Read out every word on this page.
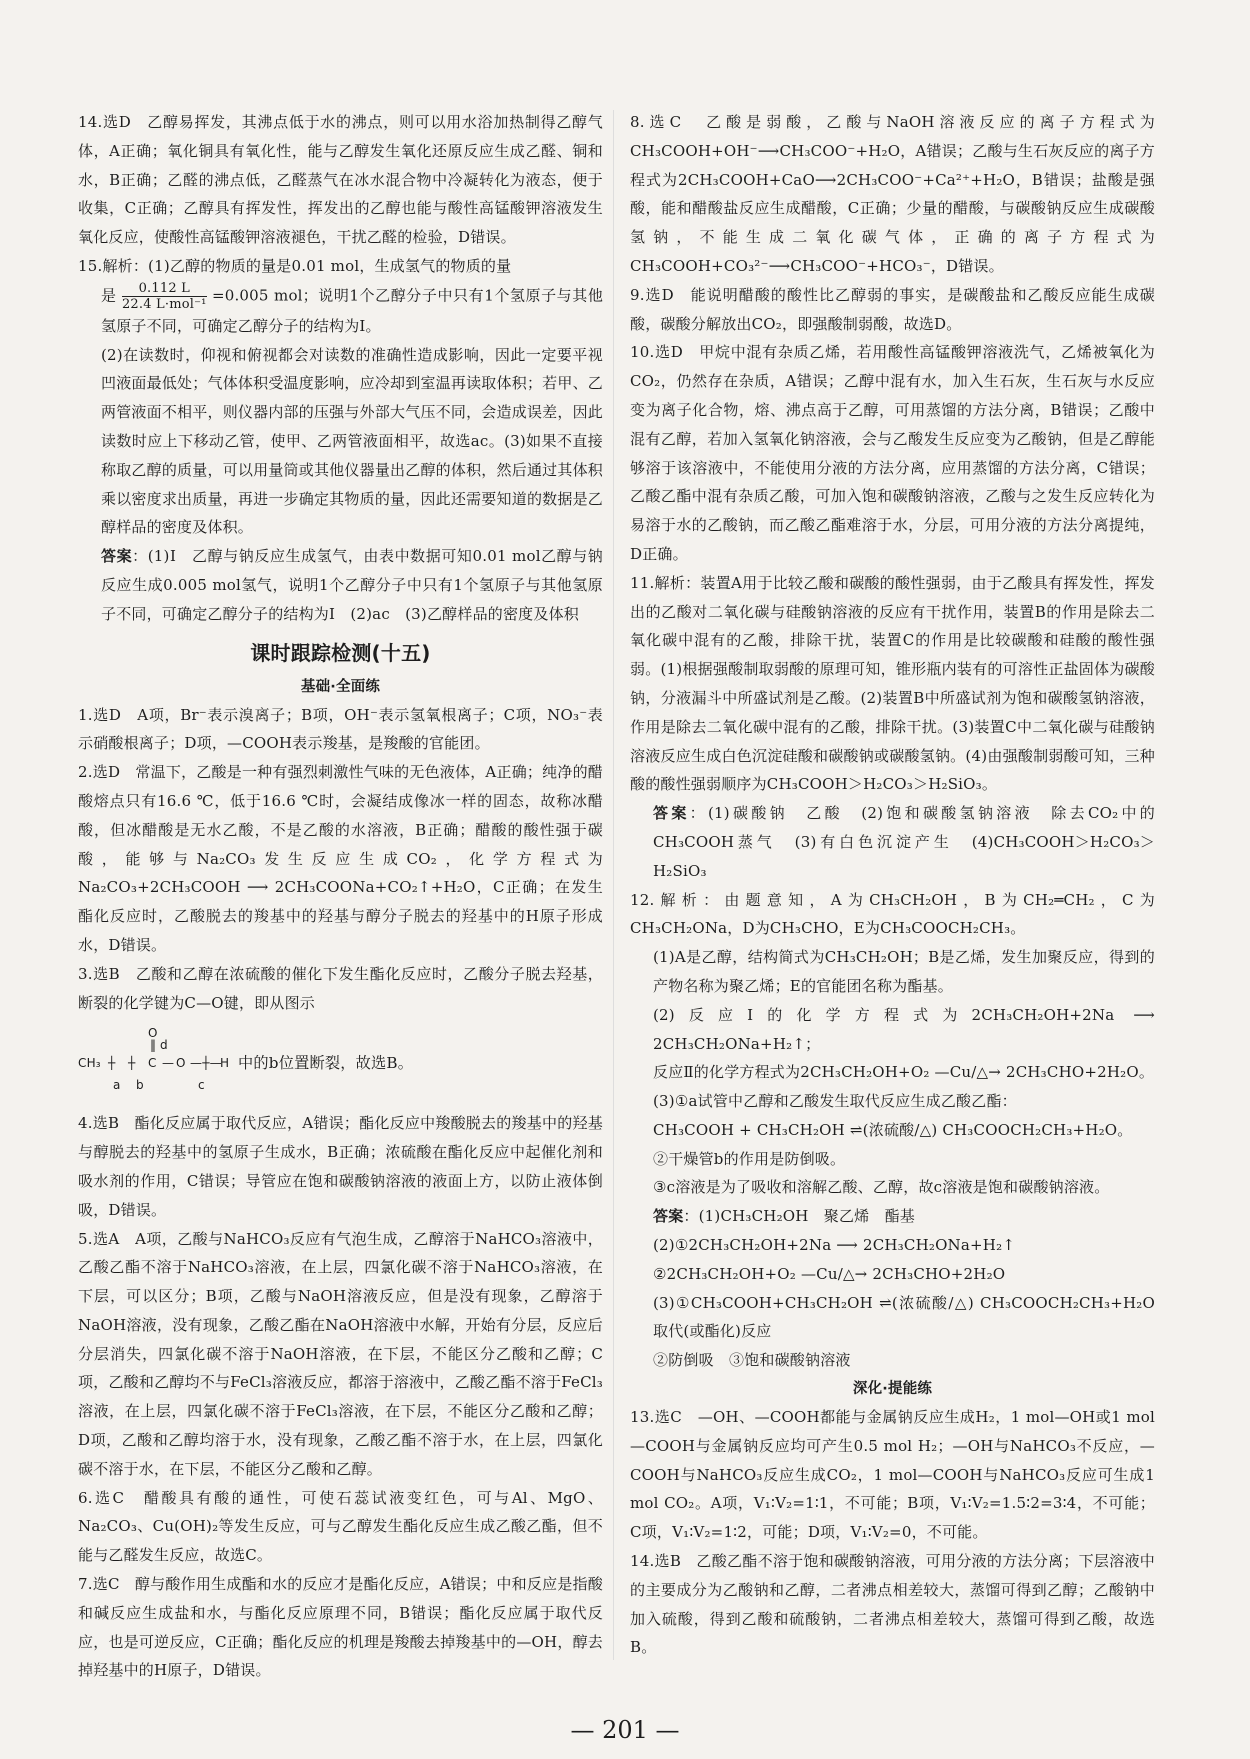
14.选D　乙醇易挥发，其沸点低于水的沸点，则可以用水浴加热制得乙醇气体，A正确；氧化铜具有氧化性，能与乙醇发生氧化还原反应生成乙醛、铜和水，B正确；乙醛的沸点低，乙醛蒸气在冰水混合物中冷凝转化为液态，便于收集，C正确；乙醇具有挥发性，挥发出的乙醇也能与酸性高锰酸钾溶液发生氧化反应，使酸性高锰酸钾溶液褪色，干扰乙醛的检验，D错误。

15.解析：(1)乙醇的物质的量是0.01 mol，生成氢气的物质的量

是	0.112 L
22.4 L·mol⁻¹ =0.005 mol；说明1个乙醇分子中只有1个氢原子与其他氢原子不同，可确定乙醇分子的结构为Ⅰ。

(2)在读数时，仰视和俯视都会对读数的准确性造成影响，因此一定要平视凹液面最低处；气体体积受温度影响，应冷却到室温再读取体积；若甲、乙两管液面不相平，则仪器内部的压强与外部大气压不同，会造成误差，因此读数时应上下移动乙管，使甲、乙两管液面相平，故选ac。(3)如果不直接称取乙醇的质量，可以用量筒或其他仪器量出乙醇的体积，然后通过其体积乘以密度求出质量，再进一步确定其物质的量，因此还需要知道的数据是乙醇样品的密度及体积。

答案：(1)Ⅰ　乙醇与钠反应生成氢气，由表中数据可知0.01 mol乙醇与钠反应生成0.005 mol氢气，说明1个乙醇分子中只有1个氢原子与其他氢原子不同，可确定乙醇分子的结构为Ⅰ　(2)ac　(3)乙醇样品的密度及体积

课时跟踪检测(十五)
基础·全面练

1.选D　A项，Br⁻表示溴离子；B项，OH⁻表示氢氧根离子；C项，NO₃⁻表示硝酸根离子；D项，—COOH表示羧基，是羧酸的官能团。

2.选D　常温下，乙酸是一种有强烈刺激性气味的无色液体，A正确；纯净的醋酸熔点只有16.6 ℃，低于16.6 ℃时，会凝结成像冰一样的固态，故称冰醋酸，但冰醋酸是无水乙酸，不是乙酸的水溶液，B正确；醋酸的酸性强于碳酸，能够与Na₂CO₃发生反应生成CO₂，化学方程式为Na₂CO₃+2CH₃COOH ⟶ 2CH₃COONa+CO₂↑+H₂O，C正确；在发生酯化反应时，乙酸脱去的羧基中的羟基与醇分子脱去的羟基中的H原子形成水，D错误。

3.选B　乙酸和乙醇在浓硫酸的催化下发生酯化反应时，乙酸分子脱去羟基，断裂的化学键为C—O键，即从图示

O
d
‖
CH₃ ┼ ┼ C — O —┼—
H
a b	c
中的b位置断裂，故选B。

4.选B　酯化反应属于取代反应，A错误；酯化反应中羧酸脱去的羧基中的羟基与醇脱去的羟基中的氢原子生成水，B正确；浓硫酸在酯化反应中起催化剂和吸水剂的作用，C错误；导管应在饱和碳酸钠溶液的液面上方，以防止液体倒吸，D错误。

5.选A　A项，乙酸与NaHCO₃反应有气泡生成，乙醇溶于NaHCO₃溶液中，乙酸乙酯不溶于NaHCO₃溶液，在上层，四氯化碳不溶于NaHCO₃溶液，在下层，可以区分；B项，乙酸与NaOH溶液反应，但是没有现象，乙醇溶于NaOH溶液，没有现象，乙酸乙酯在NaOH溶液中水解，开始有分层，反应后分层消失，四氯化碳不溶于NaOH溶液，在下层，不能区分乙酸和乙醇；C项，乙酸和乙醇均不与FeCl₃溶液反应，都溶于溶液中，乙酸乙酯不溶于FeCl₃溶液，在上层，四氯化碳不溶于FeCl₃溶液，在下层，不能区分乙酸和乙醇；D项，乙酸和乙醇均溶于水，没有现象，乙酸乙酯不溶于水，在上层，四氯化碳不溶于水，在下层，不能区分乙酸和乙醇。

6.选C　醋酸具有酸的通性，可使石蕊试液变红色，可与Al、MgO、Na₂CO₃、Cu(OH)₂等发生反应，可与乙醇发生酯化反应生成乙酸乙酯，但不能与乙醛发生反应，故选C。

7.选C　醇与酸作用生成酯和水的反应才是酯化反应，A错误；中和反应是指酸和碱反应生成盐和水，与酯化反应原理不同，B错误；酯化反应属于取代反应，也是可逆反应，C正确；酯化反应的机理是羧酸去掉羧基中的—OH，醇去掉羟基中的H原子，D错误。

8.选C　乙酸是弱酸，乙酸与NaOH溶液反应的离子方程式为CH₃COOH+OH⁻⟶CH₃COO⁻+H₂O，A错误；乙酸与生石灰反应的离子方程式为2CH₃COOH+CaO⟶2CH₃COO⁻+Ca²⁺+H₂O，B错误；盐酸是强酸，能和醋酸盐反应生成醋酸，C正确；少量的醋酸，与碳酸钠反应生成碳酸氢钠，不能生成二氧化碳气体，正确的离子方程式为CH₃COOH+CO₃²⁻⟶CH₃COO⁻+HCO₃⁻，D错误。

9.选D　能说明醋酸的酸性比乙醇弱的事实，是碳酸盐和乙酸反应能生成碳酸，碳酸分解放出CO₂，即强酸制弱酸，故选D。

10.选D　甲烷中混有杂质乙烯，若用酸性高锰酸钾溶液洗气，乙烯被氧化为CO₂，仍然存在杂质，A错误；乙醇中混有水，加入生石灰，生石灰与水反应变为离子化合物，熔、沸点高于乙醇，可用蒸馏的方法分离，B错误；乙酸中混有乙醇，若加入氢氧化钠溶液，会与乙酸发生反应变为乙酸钠，但是乙醇能够溶于该溶液中，不能使用分液的方法分离，应用蒸馏的方法分离，C错误；乙酸乙酯中混有杂质乙酸，可加入饱和碳酸钠溶液，乙酸与之发生反应转化为易溶于水的乙酸钠，而乙酸乙酯难溶于水，分层，可用分液的方法分离提纯，D正确。

11.解析：装置A用于比较乙酸和碳酸的酸性强弱，由于乙酸具有挥发性，挥发出的乙酸对二氧化碳与硅酸钠溶液的反应有干扰作用，装置B的作用是除去二氧化碳中混有的乙酸，排除干扰，装置C的作用是比较碳酸和硅酸的酸性强弱。(1)根据强酸制取弱酸的原理可知，锥形瓶内装有的可溶性正盐固体为碳酸钠，分液漏斗中所盛试剂是乙酸。(2)装置B中所盛试剂为饱和碳酸氢钠溶液，作用是除去二氧化碳中混有的乙酸，排除干扰。(3)装置C中二氧化碳与硅酸钠溶液反应生成白色沉淀硅酸和碳酸钠或碳酸氢钠。(4)由强酸制弱酸可知，三种酸的酸性强弱顺序为CH₃COOH＞H₂CO₃＞H₂SiO₃。

答案：(1)碳酸钠　乙酸　(2)饱和碳酸氢钠溶液　除去CO₂中的CH₃COOH蒸气　(3)有白色沉淀产生　(4)CH₃COOH＞H₂CO₃＞H₂SiO₃

12.解析：由题意知，A为CH₃CH₂OH，B为CH₂═CH₂，C为CH₃CH₂ONa，D为CH₃CHO，E为CH₃COOCH₂CH₃。

(1)A是乙醇，结构简式为CH₃CH₂OH；B是乙烯，发生加聚反应，得到的产物名称为聚乙烯；E的官能团名称为酯基。

(2)反应Ⅰ的化学方程式为2CH₃CH₂OH+2Na ⟶ 2CH₃CH₂ONa+H₂↑；

反应Ⅱ的化学方程式为2CH₃CH₂OH+O₂ —Cu/△→ 2CH₃CHO+2H₂O。

(3)①a试管中乙醇和乙酸发生取代反应生成乙酸乙酯：

CH₃COOH + CH₃CH₂OH ⇌(浓硫酸/△) CH₃COOCH₂CH₃+H₂O。

②干燥管b的作用是防倒吸。

③c溶液是为了吸收和溶解乙酸、乙醇，故c溶液是饱和碳酸钠溶液。

答案：(1)CH₃CH₂OH　聚乙烯　酯基

(2)①2CH₃CH₂OH+2Na ⟶ 2CH₃CH₂ONa+H₂↑

②2CH₃CH₂OH+O₂ —Cu/△→ 2CH₃CHO+2H₂O

(3)①CH₃COOH+CH₃CH₂OH ⇌(浓硫酸/△) CH₃COOCH₂CH₃+H₂O　取代(或酯化)反应

②防倒吸　③饱和碳酸钠溶液

深化·提能练

13.选C　—OH、—COOH都能与金属钠反应生成H₂，1 mol—OH或1 mol—COOH与金属钠反应均可产生0.5 mol H₂；—OH与NaHCO₃不反应，—COOH与NaHCO₃反应生成CO₂，1 mol—COOH与NaHCO₃反应可生成1 mol CO₂。A项，V₁∶V₂=1∶1，不可能；B项，V₁∶V₂=1.5∶2=3∶4，不可能；C项，V₁∶V₂=1∶2，可能；D项，V₁∶V₂=0，不可能。

14.选B　乙酸乙酯不溶于饱和碳酸钠溶液，可用分液的方法分离；下层溶液中的主要成分为乙酸钠和乙醇，二者沸点相差较大，蒸馏可得到乙醇；乙酸钠中加入硫酸，得到乙酸和硫酸钠，二者沸点相差较大，蒸馏可得到乙酸，故选B。

— 201 —
